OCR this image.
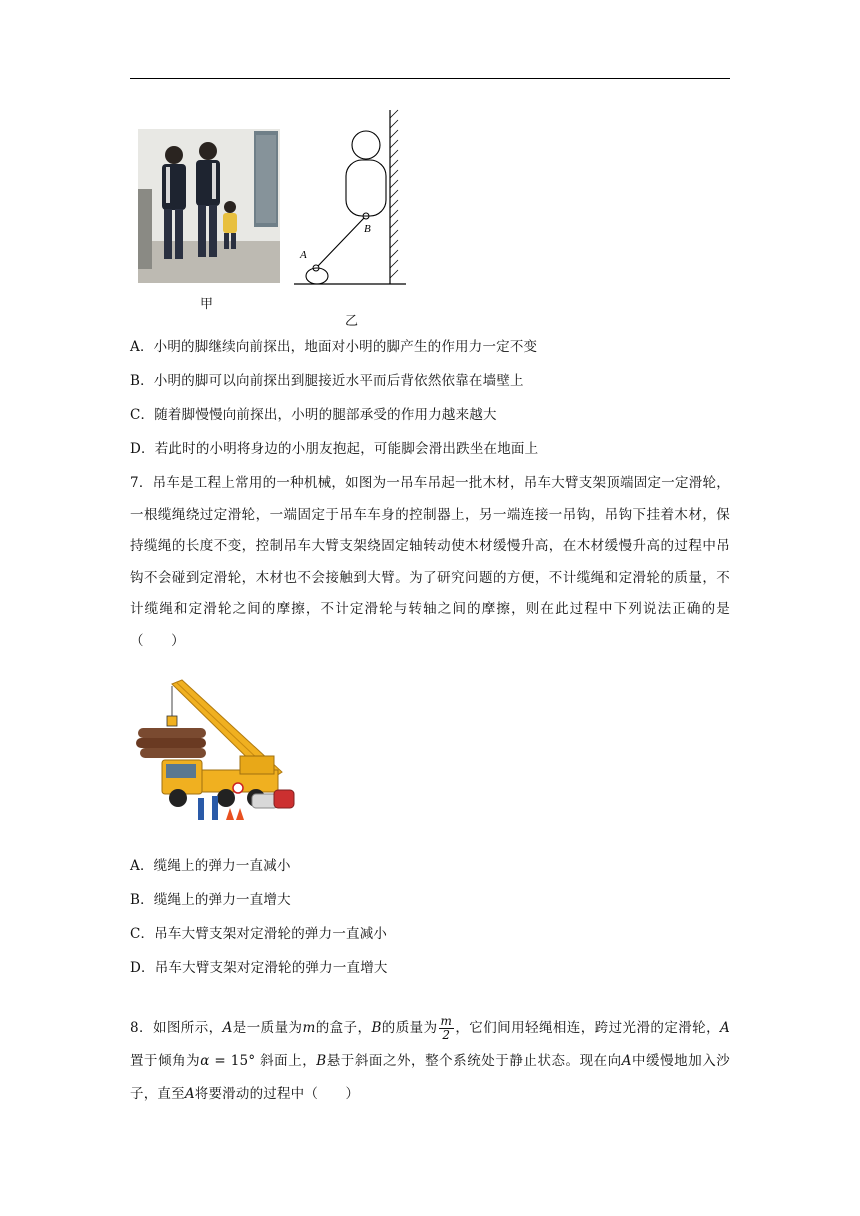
甲
B
A
乙
A．小明的脚继续向前探出，地面对小明的脚产生的作用力一定不变
B．小明的脚可以向前探出到腿接近水平而后背依然依靠在墙壁上
C．随着脚慢慢向前探出，小明的腿部承受的作用力越来越大
D．若此时的小明将身边的小朋友抱起，可能脚会滑出跌坐在地面上
7．吊车是工程上常用的一种机械，如图为一吊车吊起一批木材，吊车大臂支架顶端固定一定滑轮，一根缆绳绕过定滑轮，一端固定于吊车车身的控制器上，另一端连接一吊钩，吊钩下挂着木材，保持缆绳的长度不变，控制吊车大臂支架绕固定轴转动使木材缓慢升高，在木材缓慢升高的过程中吊钩不会碰到定滑轮，木材也不会接触到大臂。为了研究问题的方便，不计缆绳和定滑轮的质量，不计缆绳和定滑轮之间的摩擦，不计定滑轮与转轴之间的摩擦，则在此过程中下列说法正确的是（　　）
A．缆绳上的弹力一直减小
B．缆绳上的弹力一直增大
C．吊车大臂支架对定滑轮的弹力一直减小
D．吊车大臂支架对定滑轮的弹力一直增大
8．如图所示，A是一质量为m的盒子，B的质量为 $\frac{m}{2}$ ，它们间用轻绳相连，跨过光滑的定滑轮，A置于倾角为α = 15° 斜面上，B悬于斜面之外，整个系统处于静止状态。现在向A中缓慢地加入沙子，直至A将要滑动的过程中（　　）
